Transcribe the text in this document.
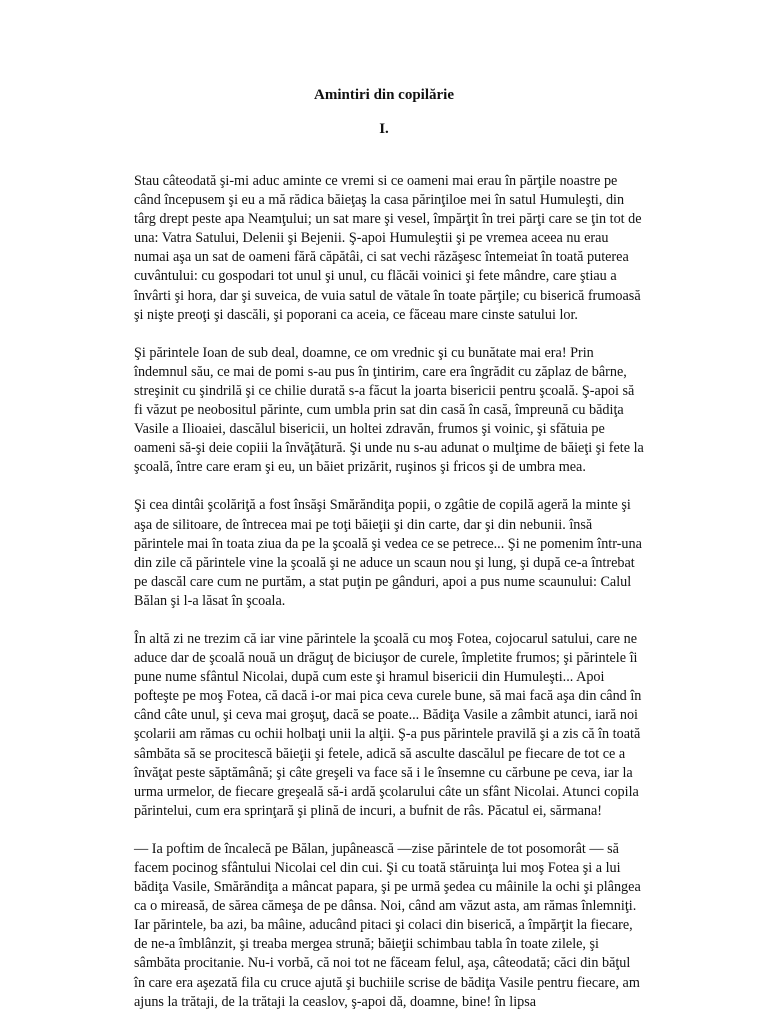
Amintiri din copilărie
I.

Stau câteodată şi-mi aduc aminte ce vremi si ce oameni mai erau în părţile noastre pe când începusem şi eu a mă rădica băieţaş la casa părinţiloe mei în satul Humuleşti, din târg drept peste apa Neamţului; un sat mare şi vesel, împărţit în trei părţi care se ţin tot de una: Vatra Satului, Delenii şi Bejenii. Ş-apoi Humuleştii şi pe vremea aceea nu erau numai aşa un sat de oameni fără căpătâi, ci sat vechi răzăşesc întemeiat în toată puterea cuvântului: cu gospodari tot unul şi unul, cu flăcăi voinici şi fete mândre, care ştiau a învârti şi hora, dar şi suveica, de vuia satul de vătale în toate părţile; cu biserică frumoasă şi nişte preoţi şi dascăli, şi poporani ca aceia, ce făceau mare cinste satului lor.

Şi părintele Ioan de sub deal, doamne, ce om vrednic şi cu bunătate mai era! Prin îndemnul său, ce mai de pomi s-au pus în ţintirim, care era îngrădit cu zăplaz de bârne, streşinit cu şindrilă şi ce chilie durată s-a făcut la joarta bisericii pentru şcoală. Ş-apoi să fi văzut pe neobositul părinte, cum umbla prin sat din casă în casă, împreună cu bădiţa Vasile a Ilioaiei, dascălul bisericii, un holtei zdravăn, frumos şi voinic, şi sfătuia pe oameni să-şi deie copiii la învăţătură. Şi unde nu s-au adunat o mulţime de băieţi şi fete la şcoală, între care eram şi eu, un băiet prizărit, ruşinos şi fricos şi de umbra mea.

Şi cea dintâi şcolăriţă a fost însăşi Smărăndiţa popii, o zgâtie de copilă ageră la minte şi aşa de silitoare, de întrecea mai pe toţi băieţii şi din carte, dar şi din nebunii. însă părintele mai în toata ziua da pe la şcoală şi vedea ce se petrece... Şi ne pomenim într-una din zile că părintele vine la şcoală şi ne aduce un scaun nou şi lung, şi după ce-a întrebat pe dascăl care cum ne purtăm, a stat puţin pe gânduri, apoi a pus nume scaunului: Calul Bălan şi l-a lăsat în şcoala.

În altă zi ne trezim că iar vine părintele la şcoală cu moş Fotea, cojocarul satului, care ne aduce dar de şcoală nouă un drăguţ de biciuşor de curele, împletite frumos; şi părintele îi pune nume sfântul Nicolai, după cum este şi hramul bisericii din Humuleşti... Apoi pofteşte pe moş Fotea, că dacă i-or mai pica ceva curele bune, să mai facă aşa din când în când câte unul, şi ceva mai groşuţ, dacă se poate... Bădiţa Vasile a zâmbit atunci, iară noi şcolarii am rămas cu ochii holbaţi unii la alţii. Ş-a pus părintele pravilă şi a zis că în toată sâmbăta să se procitescă băieţii şi fetele, adică să asculte dascălul pe fiecare de tot ce a învăţat peste săptămână; şi câte greşeli va face să i le însemne cu cărbune pe ceva, iar la urma urmelor, de fiecare greşeală să-i ardă şcolarului câte un sfânt Nicolai. Atunci copila părintelui, cum era sprinţară şi plină de incuri, a bufnit de râs. Păcatul ei, sărmana!

— Ia poftim de încalecă pe Bălan, jupânească —zise părintele de tot posomorât — să facem pocinog sfântului Nicolai cel din cui. Şi cu toată stăruinţa lui moş Fotea şi a lui bădiţa Vasile, Smărăndiţa a mâncat papara, şi pe urmă şedea cu mâinile la ochi şi plângea ca o mireasă, de sărea cămeşa de pe dânsa. Noi, când am văzut asta, am rămas înlemniţi. Iar părintele, ba azi, ba mâine, aducând pitaci şi colaci din biserică, a împărţit la fiecare, de ne-a îmblânzit, şi treaba mergea strună; băieţii schimbau tabla în toate zilele, şi sâmbăta procitanie. Nu-i vorbă, că noi tot ne făceam felul, aşa, câteodată; căci din băţul în care era aşezată fila cu cruce ajută şi buchiile scrise de bădiţa Vasile pentru fiecare, am ajuns la trătaji, de la trătaji la ceaslov, ş-apoi dă, doamne, bine! în lipsa
